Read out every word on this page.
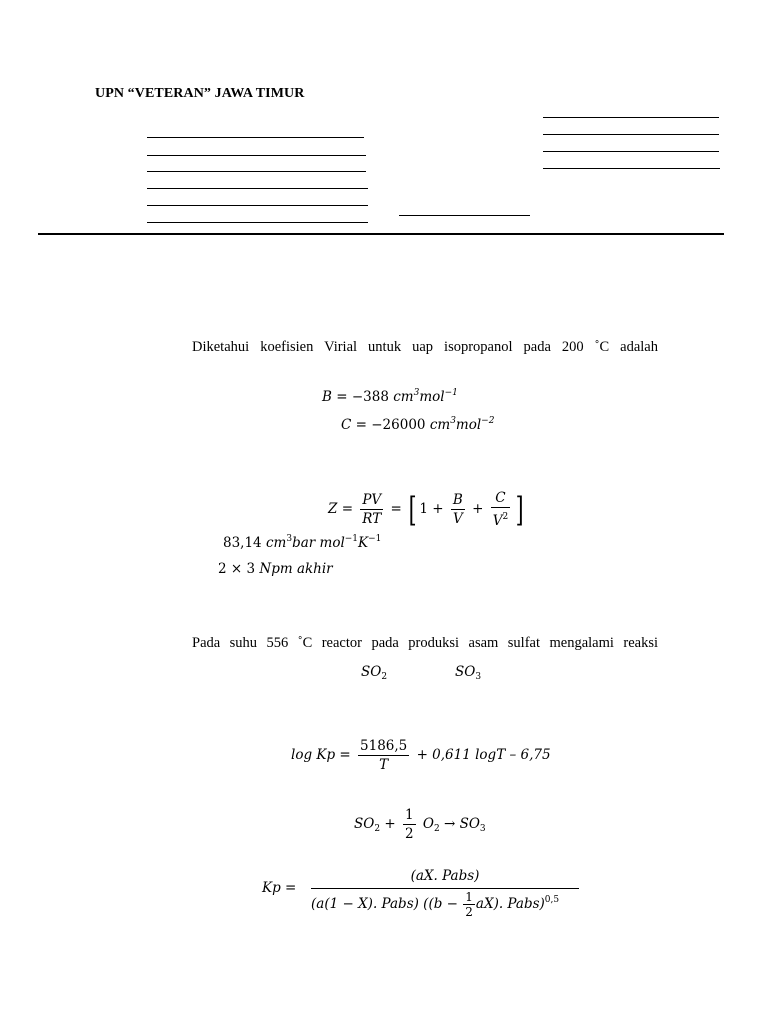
UPN “VETERAN” JAWA TIMUR
Diketahui koefisien Virial untuk uap isopropanol pada 200 ˚C adalah
B = −388 $cm^3mol^{-1}$
C = −26000 $cm^3mol^{-2}$
$Z = \frac{PV}{RT}$ = [ $1 + \frac{B}{V} + \frac{C}{V^2}$ ]
83,14 $cm^3bar$ $mol^{-1}K^{-1}$
2 × 3 Npm akhir
Pada suhu 556 ˚C reactor pada produksi asam sulfat mengalami reaksi
$SO_2$	$SO_3$
$\log Kp = \frac{5186,5}{T} + 0,611$ logT – 6,75
$SO_2 + \frac{1}{2} O_2 \to SO_3$
Kp =
(aX. Pabs)
(a(1 − X). Pabs) ($(b - \frac{1}{2} aX)$. Pabs)$^{0,5}$
